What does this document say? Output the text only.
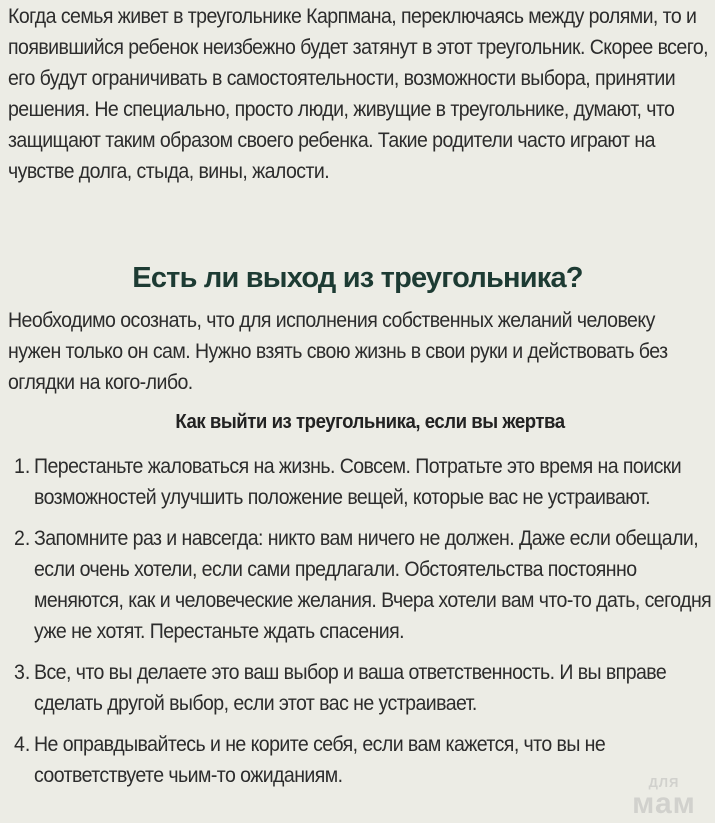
Когда семья живет в треугольнике Карпмана, переключаясь между ролями, то и появившийся ребенок неизбежно будет затянут в этот треугольник. Скорее всего, его будут ограничивать в самостоятельности, возможности выбора, принятии решения. Не специально, просто люди, живущие в треугольнике, думают, что защищают таким образом своего ребенка. Такие родители часто играют на чувстве долга, стыда, вины, жалости.

Есть ли выход из треугольника?

Необходимо осознать, что для исполнения собственных желаний человеку нужен только он сам. Нужно взять свою жизнь в свои руки и действовать без оглядки на кого-либо.

Как выйти из треугольника, если вы жертва
1. Перестаньте жаловаться на жизнь. Совсем. Потратьте это время на поиски возможностей улучшить положение вещей, которые вас не устраивают.

2. Запомните раз и навсегда: никто вам ничего не должен. Даже если обещали, если очень хотели, если сами предлагали. Обстоятельства постоянно меняются, как и человеческие желания. Вчера хотели вам что-то дать, сегодня уже не хотят. Перестаньте ждать спасения.

3. Все, что вы делаете это ваш выбор и ваша ответственность. И вы вправе сделать другой выбор, если этот вас не устраивает.

4. Не оправдывайтесь и не корите себя, если вам кажется, что вы не соответствуете чьим-то ожиданиям.	ДЛЯ
мам
